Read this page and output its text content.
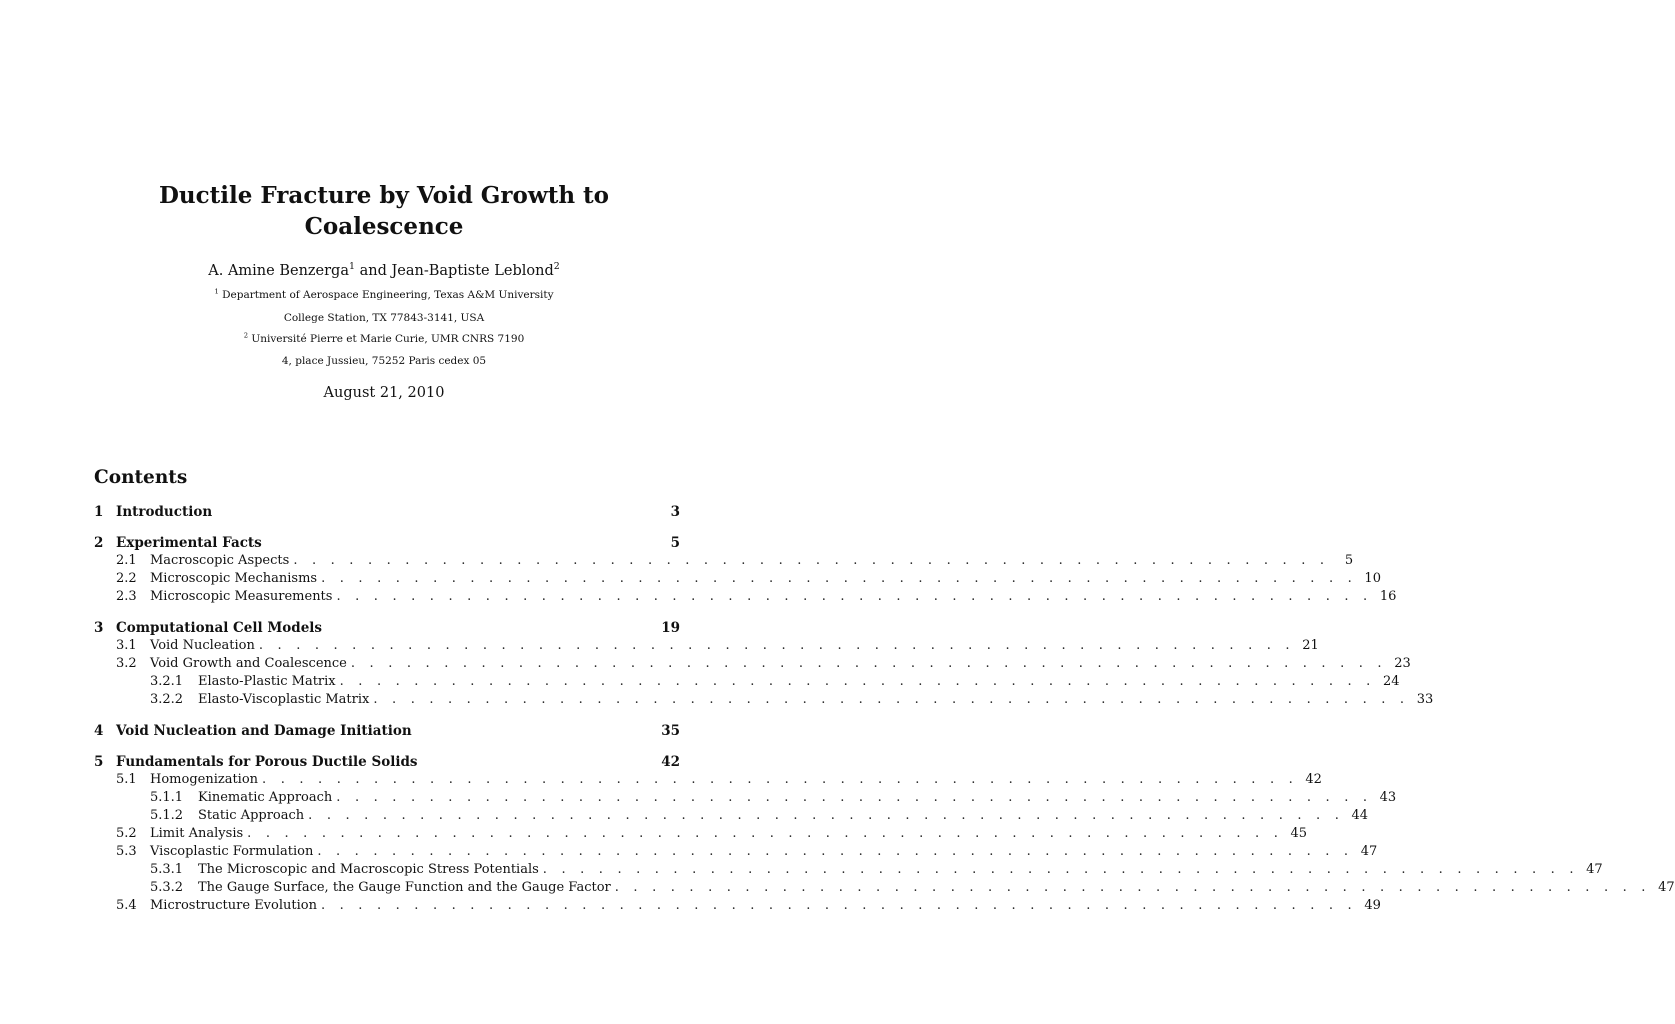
Ductile Fracture by Void Growth to
Coalescence
A. Amine Benzerga$^1$ and Jean-Baptiste Leblond$^2$
$^1$ Department of Aerospace Engineering, Texas A&M University
College Station, TX 77843-3141, USA
$^2$ Université Pierre et Marie Curie, UMR CNRS 7190
4, place Jussieu, 75252 Paris cedex 05
August 21, 2010
Contents
1 Introduction	3
2 Experimental Facts	5
2.1	Macroscopic Aspects . . . . . . . . . . . . . . . . . . . . . . . . . . . . . . . . . . . . . . . . . . . . . . . . . . . . . . . .	5
2.2	Microscopic Mechanisms . . . . . . . . . . . . . . . . . . . . . . . . . . . . . . . . . . . . . . . . . . . . . . . . . . . . . . . . 10
2.3	Microscopic Measurements . . . . . . . . . . . . . . . . . . . . . . . . . . . . . . . . . . . . . . . . . . . . . . . . . . . . . . . . 16
3 Computational Cell Models	19
3.1	Void Nucleation . . . . . . . . . . . . . . . . . . . . . . . . . . . . . . . . . . . . . . . . . . . . . . . . . . . . . . . . 21
3.2	Void Growth and Coalescence . . . . . . . . . . . . . . . . . . . . . . . . . . . . . . . . . . . . . . . . . . . . . . . . . . . . . . . . 23
3.2.1	Elasto-Plastic Matrix . . . . . . . . . . . . . . . . . . . . . . . . . . . . . . . . . . . . . . . . . . . . . . . . . . . . . . . . 24
3.2.2	Elasto-Viscoplastic Matrix . . . . . . . . . . . . . . . . . . . . . . . . . . . . . . . . . . . . . . . . . . . . . . . . . . . . . . . . 33
4 Void Nucleation and Damage Initiation	35
5 Fundamentals for Porous Ductile Solids	42
5.1	Homogenization . . . . . . . . . . . . . . . . . . . . . . . . . . . . . . . . . . . . . . . . . . . . . . . . . . . . . . . . 42
5.1.1	Kinematic Approach . . . . . . . . . . . . . . . . . . . . . . . . . . . . . . . . . . . . . . . . . . . . . . . . . . . . . . . . 43
5.1.2	Static Approach . . . . . . . . . . . . . . . . . . . . . . . . . . . . . . . . . . . . . . . . . . . . . . . . . . . . . . . . 44
5.2	Limit Analysis . . . . . . . . . . . . . . . . . . . . . . . . . . . . . . . . . . . . . . . . . . . . . . . . . . . . . . . . 45
5.3	Viscoplastic Formulation . . . . . . . . . . . . . . . . . . . . . . . . . . . . . . . . . . . . . . . . . . . . . . . . . . . . . . . . 47
5.3.1	The Microscopic and Macroscopic Stress Potentials . . . . . . . . . . . . . . . . . . . . . . . . . . . . . . . . . . . . . . . . . . . . . . . . . . . . . . . . 47
5.3.2	The Gauge Surface, the Gauge Function and the Gauge Factor . . . . . . . . . . . . . . . . . . . . . . . . . . . . . . . . . . . . . . . . . . . . . . . . . . . . . . . . 47
5.4	Microstructure Evolution . . . . . . . . . . . . . . . . . . . . . . . . . . . . . . . . . . . . . . . . . . . . . . . . . . . . . . . . 49
